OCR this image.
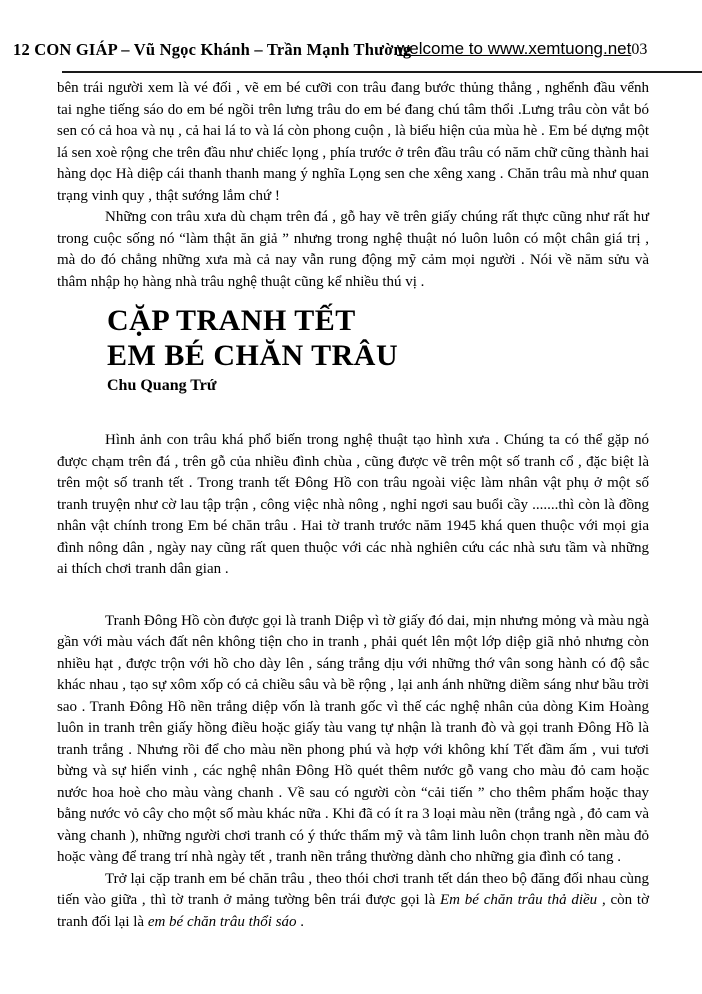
12 CON GIÁP – Vũ Ngọc Khánh – Trần Mạnh Thường
welcome to www.xemtuong.net03

bên trái người xem là vé đối , vẽ em bé cưỡi con trâu đang bước thủng thẳng , nghểnh đầu vểnh tai nghe tiếng sáo do em bé ngồi trên lưng trâu do em bé đang chú tâm thổi .Lưng trâu còn vắt bó sen có cả hoa và nụ , cả hai lá to và lá còn phong cuộn , là biểu hiện của mùa hè . Em bé dựng một lá sen xoè rộng che trên đầu như chiếc lọng , phía trước ở trên đầu trâu có năm chữ cũng thành hai hàng dọc Hà diệp cái thanh thanh mang ý nghĩa Lọng sen che xêng xang . Chăn trâu mà như quan trạng vinh quy , thật sướng lắm chứ !

Những con trâu xưa dù chạm trên đá , gỗ hay vẽ trên giấy chúng rất thực cũng như rất hư trong cuộc sống nó “làm thật ăn giả ” nhưng trong nghệ thuật nó luôn luôn có một chân giá trị , mà do đó chẳng những xưa mà cả nay vẫn rung động mỹ cảm mọi người . Nói về năm sửu và thâm nhập họ hàng nhà trâu nghệ thuật cũng kể nhiều thú vị .

CẶP TRANH TẾT
EM BÉ CHĂN TRÂU
Chu Quang Trứ

Hình ảnh con trâu khá phổ biến trong nghệ thuật tạo hình xưa . Chúng ta có thể gặp nó được chạm trên đá , trên gỗ của nhiều đình chùa , cũng được vẽ trên một số tranh cổ , đặc biệt là trên một số tranh tết . Trong tranh tết Đông Hồ con trâu ngoài việc làm nhân vật phụ ở một số tranh truyện như cờ lau tập trận , công việc nhà nông , nghỉ ngơi sau buổi cầy .......thì còn là đồng nhân vật chính trong Em bé chăn trâu . Hai tờ tranh trước năm 1945 khá quen thuộc với mọi gia đình nông dân , ngày nay cũng rất quen thuộc với các nhà nghiên cứu các nhà sưu tầm và những ai thích chơi tranh dân gian .

Tranh Đông Hồ còn được gọi là tranh Diệp vì tờ giấy đó dai, mịn nhưng mỏng và màu ngà gần với màu vách đất nên không tiện cho in tranh , phải quét lên một lớp diệp giã nhỏ nhưng còn nhiều hạt , được trộn với hồ cho dày lên , sáng trắng dịu với những thớ vân song hành có độ sắc khác nhau , tạo sự xôm xốp có cả chiều sâu và bề rộng , lại anh ánh những diềm sáng như bầu trời sao . Tranh Đông Hồ nền trắng diệp vốn là tranh gốc vì thế các nghệ nhân của dòng Kim Hoàng luôn in tranh trên giấy hồng điều hoặc giấy tàu vang tự nhận là tranh đò và gọi tranh Đông Hồ là tranh trắng . Nhưng rồi để cho màu nền phong phú và hợp với không khí Tết đầm ấm , vui tươi bừng và sự hiển vinh , các nghệ nhân Đông Hồ quét thêm nước gỗ vang cho màu đỏ cam hoặc nước hoa hoè cho màu vàng chanh . Về sau có người còn “cải tiến ” cho thêm phẩm hoặc thay bằng nước vỏ cây cho một số màu khác nữa . Khi đã có ít ra 3 loại màu nền (trắng ngà , đỏ cam và vàng chanh ), những người chơi tranh có ý thức thẩm mỹ và tâm linh luôn chọn tranh nền màu đỏ hoặc vàng để trang trí nhà ngày tết , tranh nền trắng thường dành cho những gia đình có tang .

Trở lại cặp tranh em bé chăn trâu , theo thói chơi tranh tết dán theo bộ đăng đối nhau cùng tiến vào giữa , thì tờ tranh ở mảng tường bên trái được gọi là Em bé chăn trâu thả diều , còn tờ tranh đối lại là em bé chăn trâu thổi sáo .
